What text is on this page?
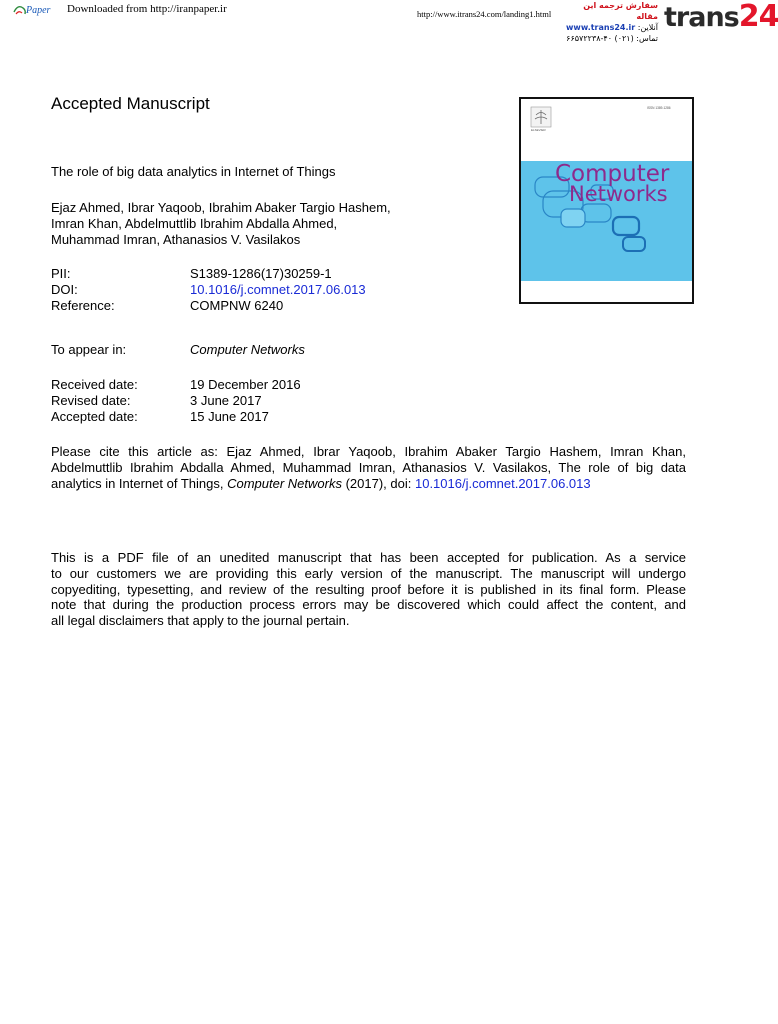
Paper Downloaded from http://iranpaper.ir	http://www.itrans24.com/landing1.html
سفارش ترجمه این مقاله
آنلاین: www.trans24.ir
تماس: (۰۲۱) ۴۰-۶۶۵۷۲۲۳۸
trans24
Accepted Manuscript
The role of big data analytics in Internet of Things
Ejaz Ahmed, Ibrar Yaqoob, Ibrahim Abaker Targio Hashem,
Imran Khan, Abdelmuttlib Ibrahim Abdalla Ahmed,
Muhammad Imran, Athanasios V. Vasilakos
PII:	S1389-1286(17)30259-1
DOI:	10.1016/j.comnet.2017.06.013
Reference:	COMPNW 6240
To appear in:	Computer Networks
Received date:	19 December 2016
Revised date:	3 June 2017
Accepted date:	15 June 2017
Please cite this article as: Ejaz Ahmed, Ibrar Yaqoob, Ibrahim Abaker Targio Hashem, Imran Khan,
Abdelmuttlib Ibrahim Abdalla Ahmed, Muhammad Imran, Athanasios V. Vasilakos, The role of big data
analytics in Internet of Things, Computer Networks (2017), doi: 10.1016/j.comnet.2017.06.013
This is a PDF file of an unedited manuscript that has been accepted for publication. As a service
to our customers we are providing this early version of the manuscript. The manuscript will undergo
copyediting, typesetting, and review of the resulting proof before it is published in its final form. Please
note that during the production process errors may be discovered which could affect the content, and
all legal disclaimers that apply to the journal pertain.
ELSEVIER
ISSN 1389-1286
Computer
Networks
